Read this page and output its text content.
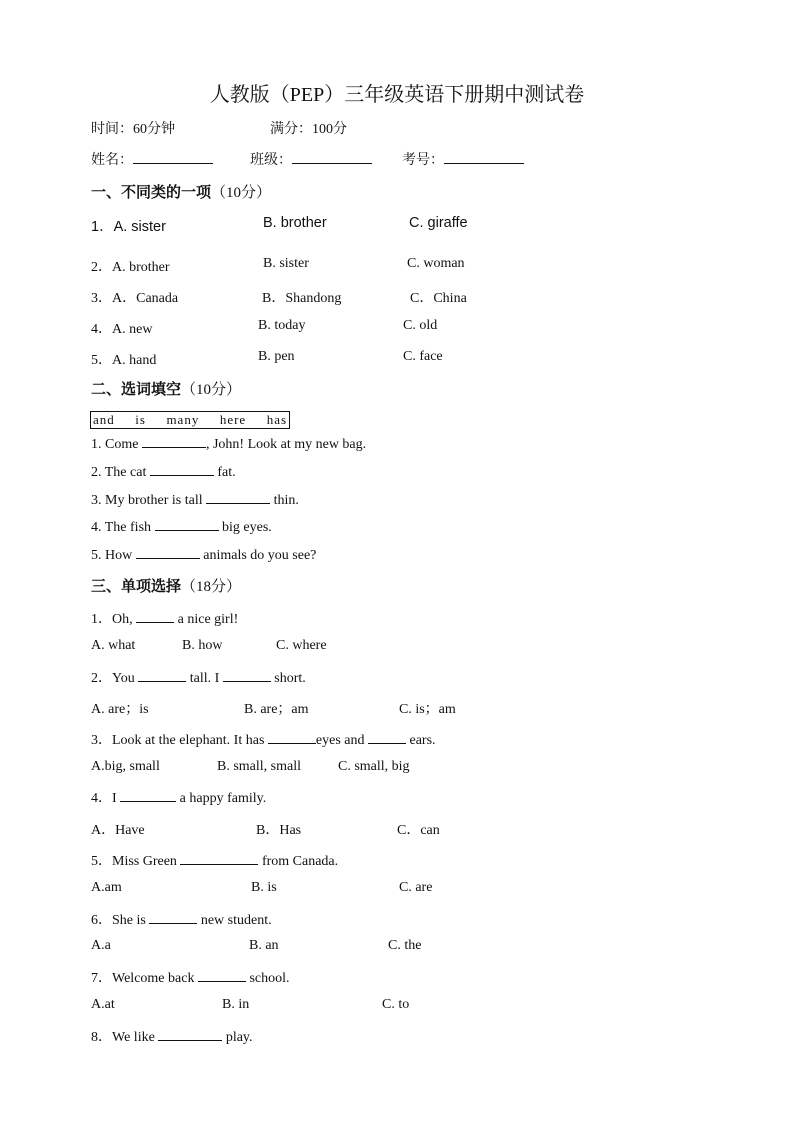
人教版（PEP）三年级英语下册期中测试卷
时间：60分钟	满分：100分
姓名：	班级：	考号：
一、不同类的一项（10分）
1．A. sister	B. brother	C. giraffe
2．A. brother	B. sister	C. woman
3．A．Canada	B．Shandong	C．China
4．A. new	B. today	C. old
5．A. hand	B. pen	C. face
二、选词填空（10分）
and  is  many  here  has
1. Come	, John! Look at my new bag.
2. The cat	fat.
3. My brother is tall	thin.
4. The fish	big eyes.
5. How	animals do you see?
三、单项选择（18分）
1．Oh,	a nice girl!
A. what	B. how	C. where
2．You	tall. I	short.
A. are；is	B. are；am	C. is；am
3．Look at the elephant. It has	eyes and	ears.
A.big, small	B. small, small	C. small, big
4．I	a happy family.
A．Have	B．Has	C．can
5．Miss Green	from Canada.
A.am	B. is	C. are
6．She is	new student.
A.a	B. an	C. the
7．Welcome back	school.
A.at	B. in	C. to
8．We like	play.
